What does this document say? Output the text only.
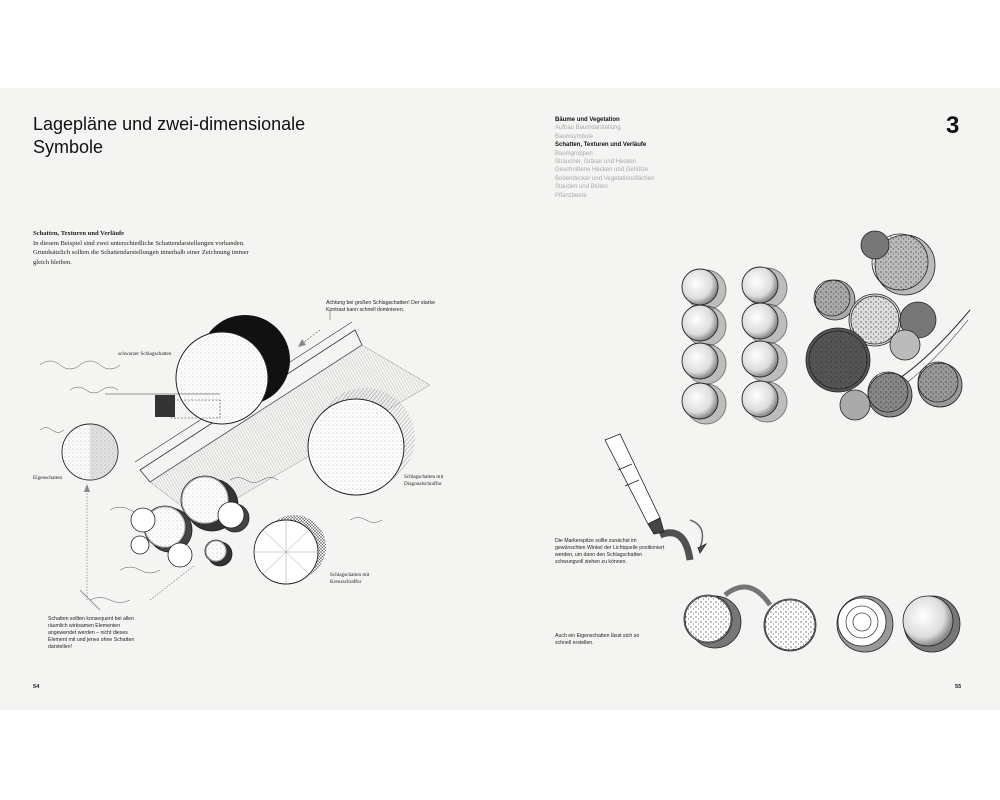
Lagepläne und zwei-dimensionale Symbole
Bäume und Vegetation
Aufbau Baumdarstellung
Baumsymbole
Schatten, Texturen und Verläufe
Baumgruppen
Sträucher, Gräser und Hecken
Geschnittene Hecken und Gehölze
Bodendecker und Vegetationsflächen
Stauden und Blüten
Pflanzbeete
3
Schatten, Texturen und Verläufe
In diesem Beispiel sind zwei unterschiedliche Schattendarstellungen vorhanden. Grundsätzlich sollten die Schattendarstellungen innerhalb einer Zeichnung immer gleich bleiben.
schwarzer Schlagschatten
Eigenschatten	Schlagschatten mit Diagonalschraffur
Schlagschatten mit Kreuzschraffur
Achtung bei großen Schlagschatten! Der starke Kontrast kann schnell dominieren.
Schatten sollten konsequent bei allen räumlich wirksamen Elementen angewendet werden – nicht dieses Element mit und jenes ohne Schatten darstellen!
54
Die Markerspitze sollte zunächst im gewünschten Winkel der Lichtquelle positioniert werden, um dann den Schlagschatten schwungvoll ziehen zu können.
Auch ein Eigenschatten lässt sich so schnell erstellen.
55
